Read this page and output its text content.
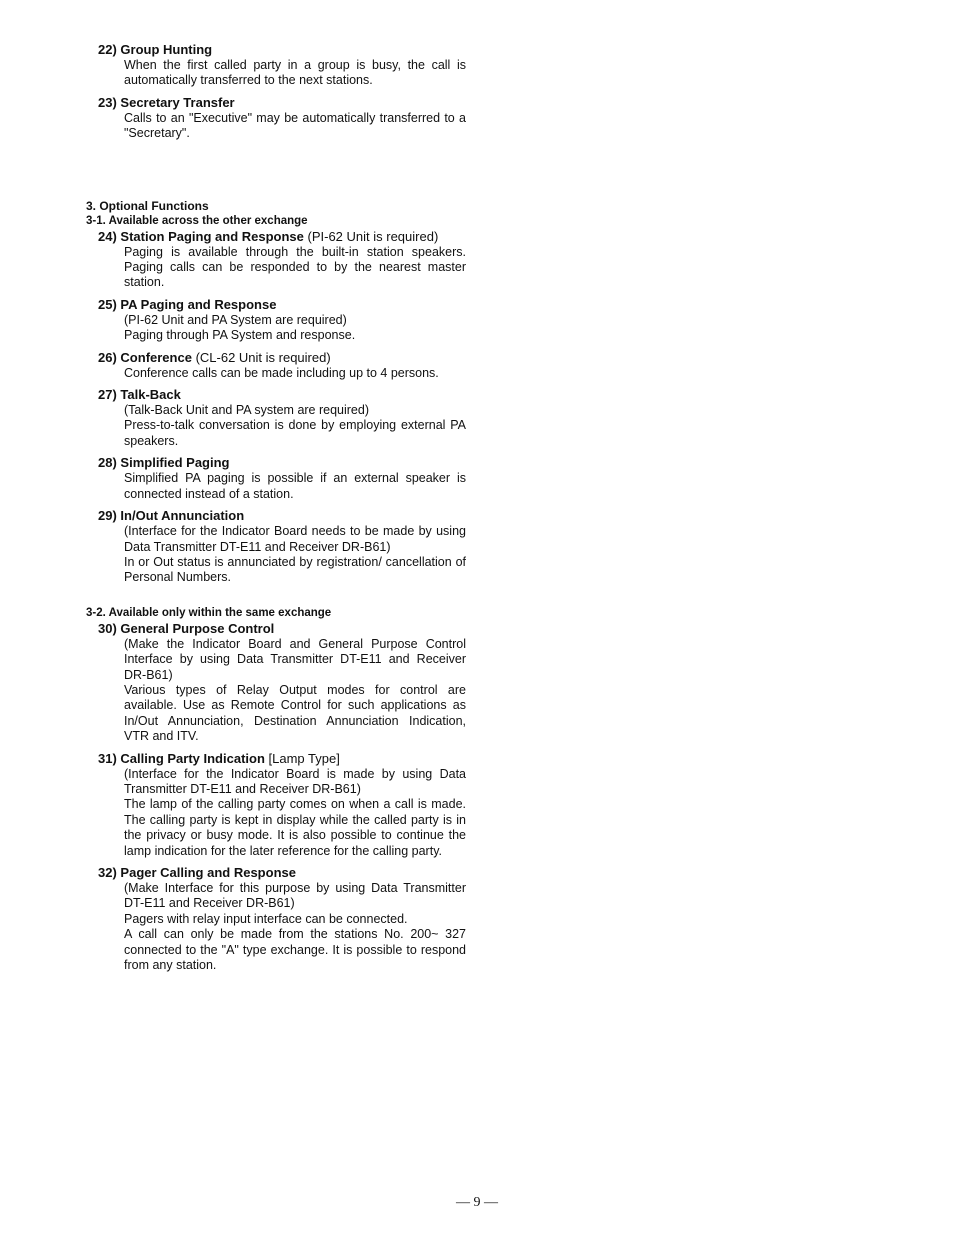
22) Group Hunting

When the first called party in a group is busy, the call is automatically transferred to the next stations.

23) Secretary Transfer

Calls to an "Executive" may be automatically transferred to a "Secretary".

3. Optional Functions
3-1. Available across the other exchange
24) Station Paging and Response (PI-62 Unit is required)

Paging is available through the built-in station speakers. Paging calls can be responded to by the nearest master station.

25) PA Paging and Response

(PI-62 Unit and PA System are required)

Paging through PA System and response.

26) Conference (CL-62 Unit is required)

Conference calls can be made including up to 4 persons.

27) Talk-Back

(Talk-Back Unit and PA system are required)

Press-to-talk conversation is done by employing external PA speakers.

28) Simplified Paging

Simplified PA paging is possible if an external speaker is connected instead of a station.

29) In/Out Annunciation

(Interface for the Indicator Board needs to be made by using Data Transmitter DT-E11 and Receiver DR-B61)

In or Out status is annunciated by registration/ cancellation of Personal Numbers.

3-2. Available only within the same exchange
30) General Purpose Control

(Make the Indicator Board and General Purpose Control Interface by using Data Transmitter DT-E11 and Receiver DR-B61)

Various types of Relay Output modes for control are available. Use as Remote Control for such applications as In/Out Annunciation, Destination Annunciation Indication, VTR and ITV.

31) Calling Party Indication [Lamp Type]

(Interface for the Indicator Board is made by using Data Transmitter DT-E11 and Receiver DR-B61)

The lamp of the calling party comes on when a call is made. The calling party is kept in display while the called party is in the privacy or busy mode. It is also possible to continue the lamp indication for the later reference for the calling party.

32) Pager Calling and Response

(Make Interface for this purpose by using Data Transmitter DT-E11 and Receiver DR-B61)

Pagers with relay input interface can be connected.

A call can only be made from the stations No. 200~ 327 connected to the "A" type exchange. It is possible to respond from any station.

— 9 —
